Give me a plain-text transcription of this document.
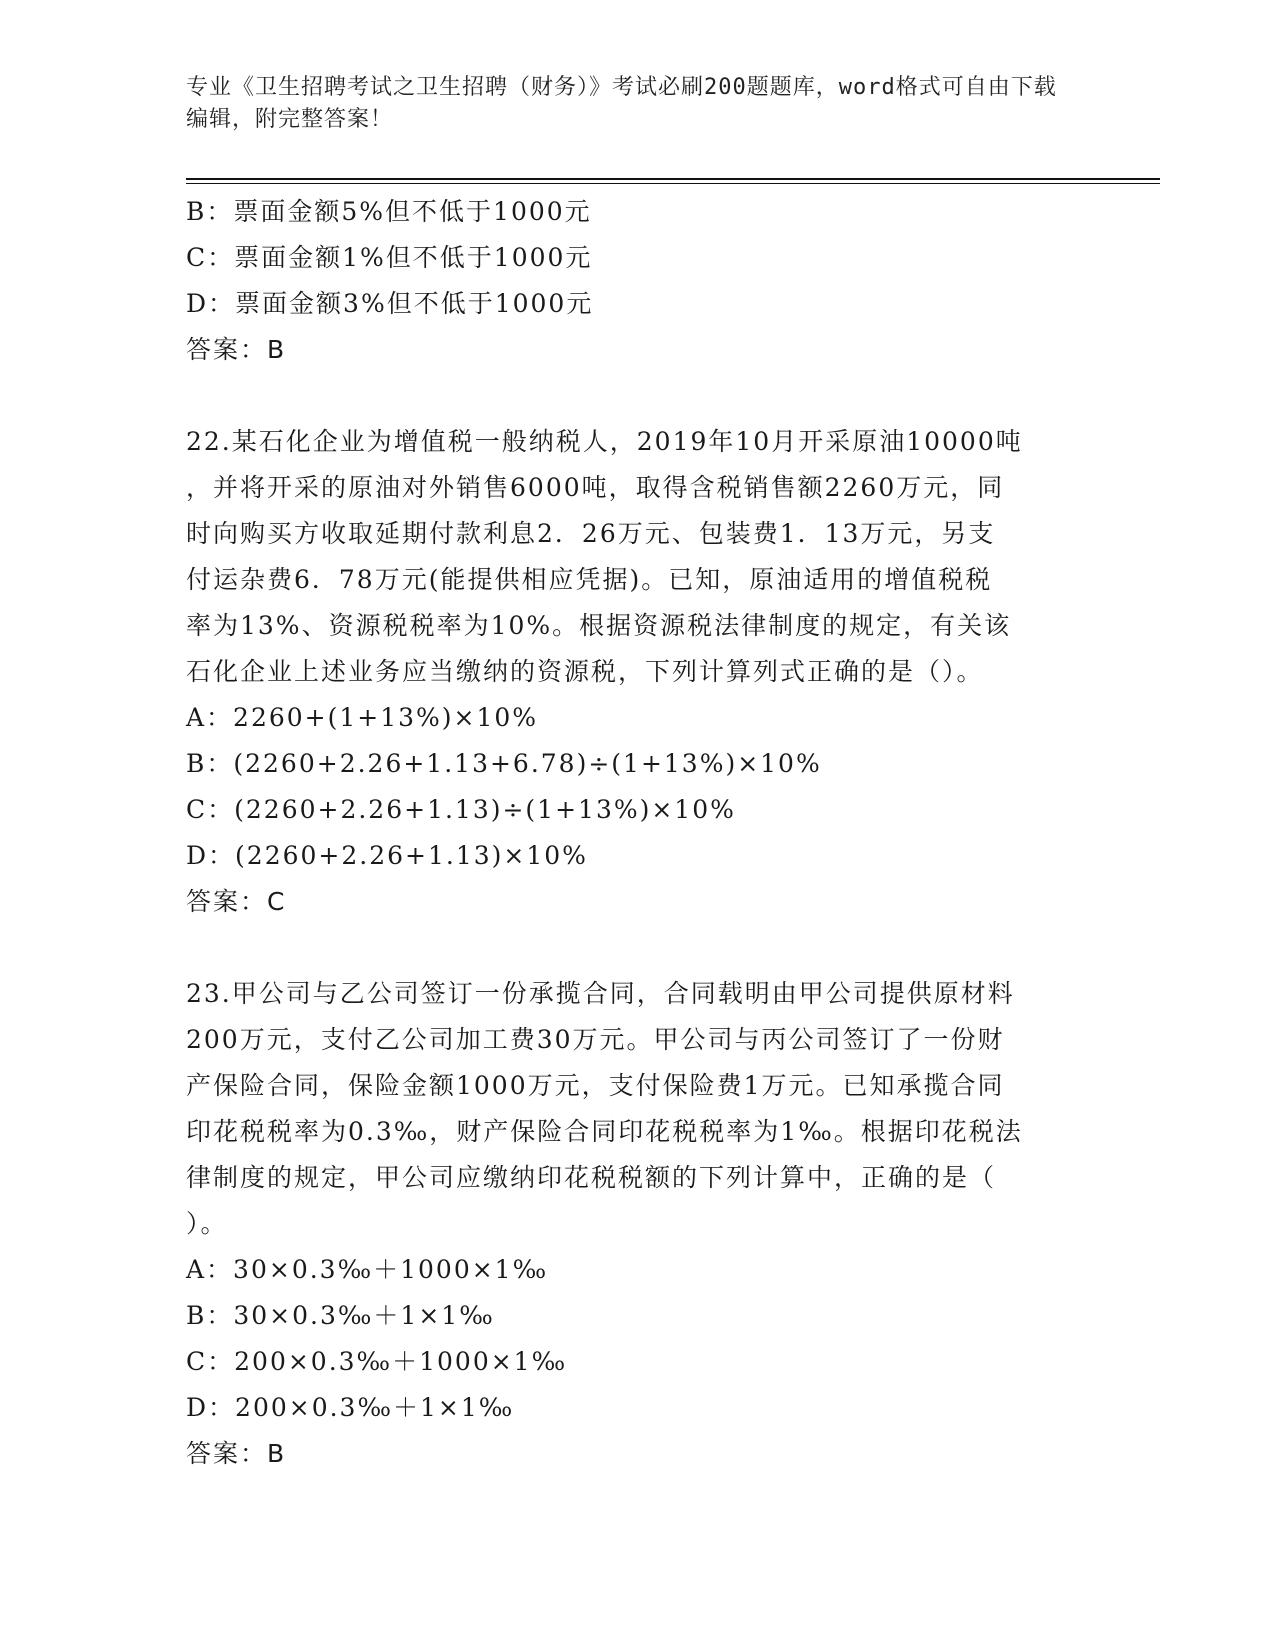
专业《卫生招聘考试之卫生招聘（财务）》考试必刷200题题库，word格式可自由下载编辑，附完整答案！
B：票面金额5%但不低于1000元
C：票面金额1%但不低于1000元
D：票面金额3%但不低于1000元
答案：B
22.某石化企业为增值税一般纳税人，2019年10月开采原油10000吨
，并将开采的原油对外销售6000吨，取得含税销售额2260万元，同
时向购买方收取延期付款利息2．26万元、包装费1．13万元，另支
付运杂费6．78万元(能提供相应凭据)。已知，原油适用的增值税税
率为13%、资源税税率为10%。根据资源税法律制度的规定，有关该
石化企业上述业务应当缴纳的资源税，下列计算列式正确的是（）。
A：2260+(1+13%)×10%
B：(2260+2.26+1.13+6.78)÷(1+13%)×10%
C：(2260+2.26+1.13)÷(1+13%)×10%
D：(2260+2.26+1.13)×10%
答案：C
23.甲公司与乙公司签订一份承揽合同，合同载明由甲公司提供原材料
200万元，支付乙公司加工费30万元。甲公司与丙公司签订了一份财
产保险合同，保险金额1000万元，支付保险费1万元。已知承揽合同
印花税税率为0.3‰，财产保险合同印花税税率为1‰。根据印花税法
律制度的规定，甲公司应缴纳印花税税额的下列计算中，正确的是（
）。
A：30×0.3‰＋1000×1‰
B：30×0.3‰＋1×1‰
C：200×0.3‰＋1000×1‰
D：200×0.3‰＋1×1‰
答案：B
